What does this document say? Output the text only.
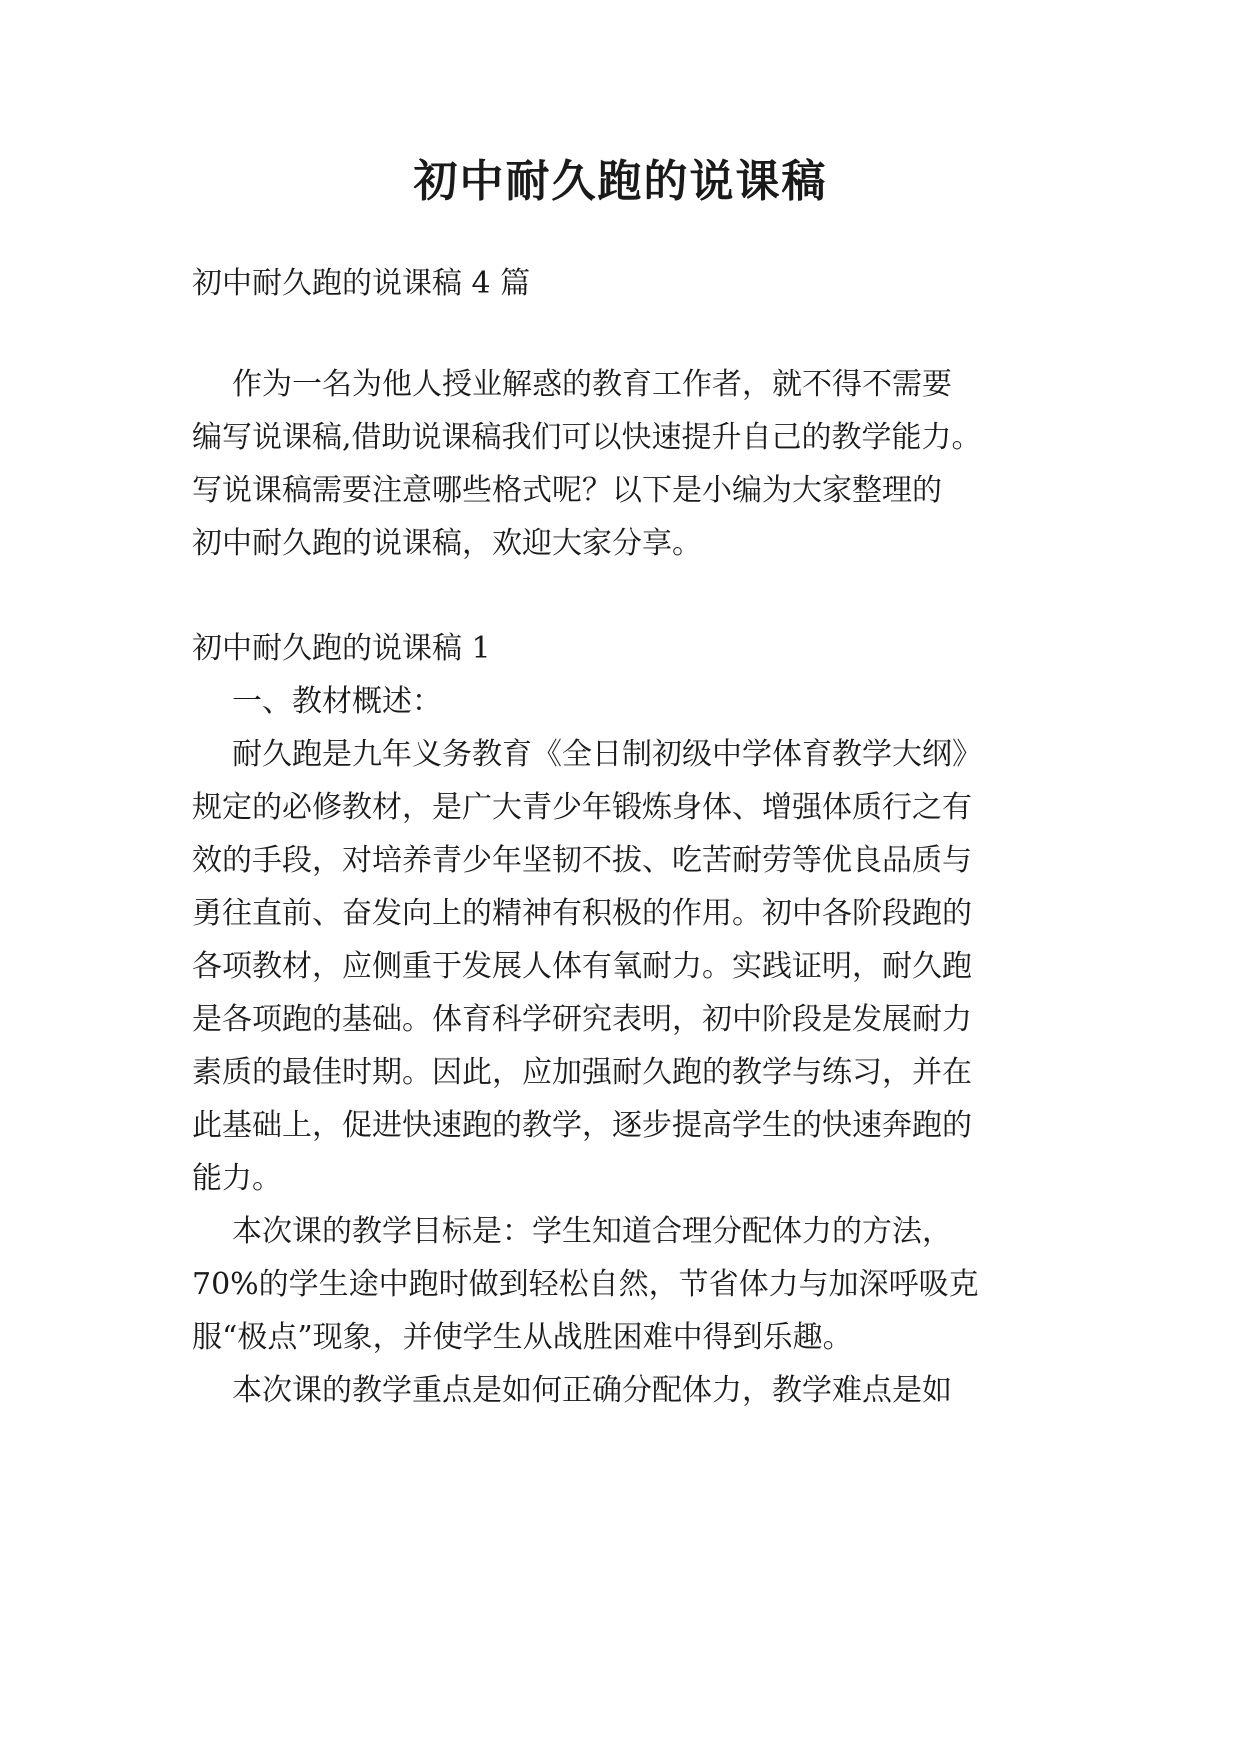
初中耐久跑的说课稿

初中耐久跑的说课稿 4 篇

作为一名为他人授业解惑的教育工作者，就不得不需要

编写说课稿,借助说课稿我们可以快速提升自己的教学能力。

写说课稿需要注意哪些格式呢？以下是小编为大家整理的

初中耐久跑的说课稿，欢迎大家分享。

初中耐久跑的说课稿 1

一、教材概述：

耐久跑是九年义务教育《全日制初级中学体育教学大纲》

规定的必修教材，是广大青少年锻炼身体、增强体质行之有

效的手段，对培养青少年坚韧不拔、吃苦耐劳等优良品质与

勇往直前、奋发向上的精神有积极的作用。初中各阶段跑的

各项教材，应侧重于发展人体有氧耐力。实践证明，耐久跑

是各项跑的基础。体育科学研究表明，初中阶段是发展耐力

素质的最佳时期。因此，应加强耐久跑的教学与练习，并在

此基础上，促进快速跑的教学，逐步提高学生的快速奔跑的

能力。

本次课的教学目标是：学生知道合理分配体力的方法，

70%的学生途中跑时做到轻松自然，节省体力与加深呼吸克

服“极点”现象，并使学生从战胜困难中得到乐趣。

本次课的教学重点是如何正确分配体力，教学难点是如
